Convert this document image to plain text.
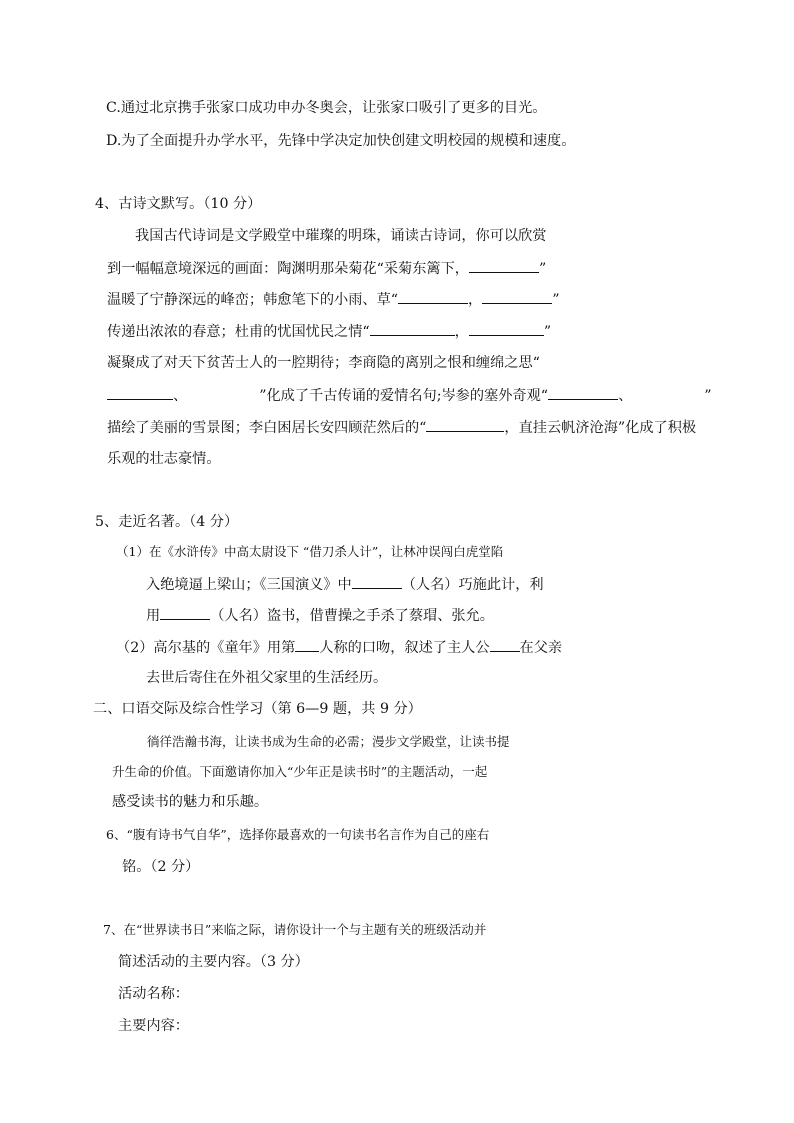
C.通过北京携手张家口成功申办冬奥会，让张家口吸引了更多的目光。
D.为了全面提升办学水平，先锋中学决定加快创建文明校园的规模和速度。
4、古诗文默写。（10 分）
我国古代诗词是文学殿堂中璀璨的明珠，诵读古诗词，你可以欣赏
到一幅幅意境深远的画面：陶渊明那朵菊花“采菊东篱下，	”
温暖了宁静深远的峰峦；韩愈笔下的小雨、草“	，	”
传递出浓浓的春意；杜甫的忧国忧民之情“	，	”
凝聚成了对天下贫苦士人的一腔期待；李商隐的离别之恨和缠绵之思“
、	”化成了千古传诵的爱情名句;岑参的塞外奇观“	、	”
描绘了美丽的雪景图；李白困居长安四顾茫然后的“	，直挂云帆济沧海”化成了积极
乐观的壮志豪情。
5、走近名著。（4 分）
（1）在《水浒传》中高太尉设下 “借刀杀人计”，让林冲误闯白虎堂陷
入绝境逼上梁山；《三国演义》中	（人名）巧施此计，利
用	（人名）盗书，借曹操之手杀了蔡瑁、张允。
（2）高尔基的《童年》用第 人称的口吻，叙述了主人公 在父亲
去世后寄住在外祖父家里的生活经历。
二、口语交际及综合性学习（第 6—9 题，共 9 分）
徜徉浩瀚书海，让读书成为生命的必需；漫步文学殿堂，让读书提
升生命的价值。下面邀请你加入“少年正是读书时”的主题活动，一起
感受读书的魅力和乐趣。
6、“腹有诗书气自华”，选择你最喜欢的一句读书名言作为自己的座右
铭。（2 分）
7、在“世界读书日”来临之际，请你设计一个与主题有关的班级活动并
简述活动的主要内容。（3 分）
活动名称：
主要内容：
